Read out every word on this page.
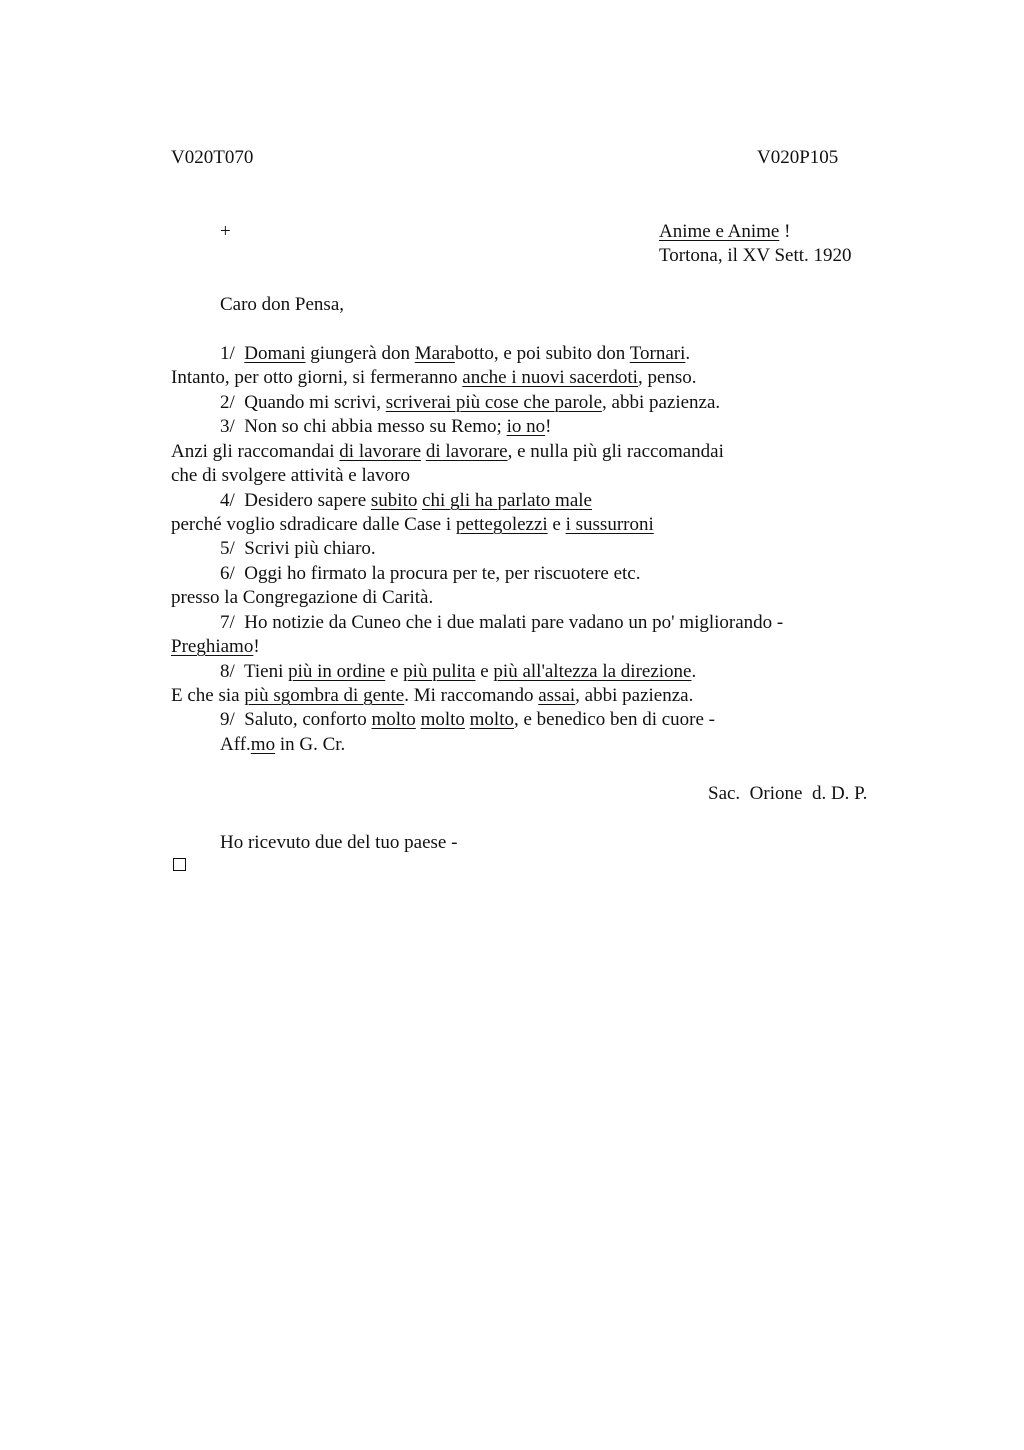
V020T070	V020P105
+	Anime e Anime !
Tortona, il XV Sett. 1920
Caro don Pensa,
1/  Domani giungerà don Marabotto, e poi subito don Tornari.
Intanto, per otto giorni, si fermeranno anche i nuovi sacerdoti, penso.
2/  Quando mi scrivi, scriverai più cose che parole, abbi pazienza.
3/  Non so chi abbia messo su Remo; io no!
Anzi gli raccomandai di lavorare di lavorare, e nulla più gli raccomandai
che di svolgere attività e lavoro
4/  Desidero sapere subito chi gli ha parlato male
perché voglio sdradicare dalle Case i pettegolezzi e i sussurroni
5/  Scrivi più chiaro.
6/  Oggi ho firmato la procura per te, per riscuotere etc.
presso la Congregazione di Carità.
7/  Ho notizie da Cuneo che i due malati pare vadano un po' migliorando -
Preghiamo!
8/  Tieni più in ordine e più pulita e più all'altezza la direzione.
E che sia più sgombra di gente. Mi raccomando assai, abbi pazienza.
9/  Saluto, conforto molto molto molto, e benedico ben di cuore -
Aff.mo in G. Cr.
Sac.  Orione  d. D. P.
Ho ricevuto due del tuo paese -
